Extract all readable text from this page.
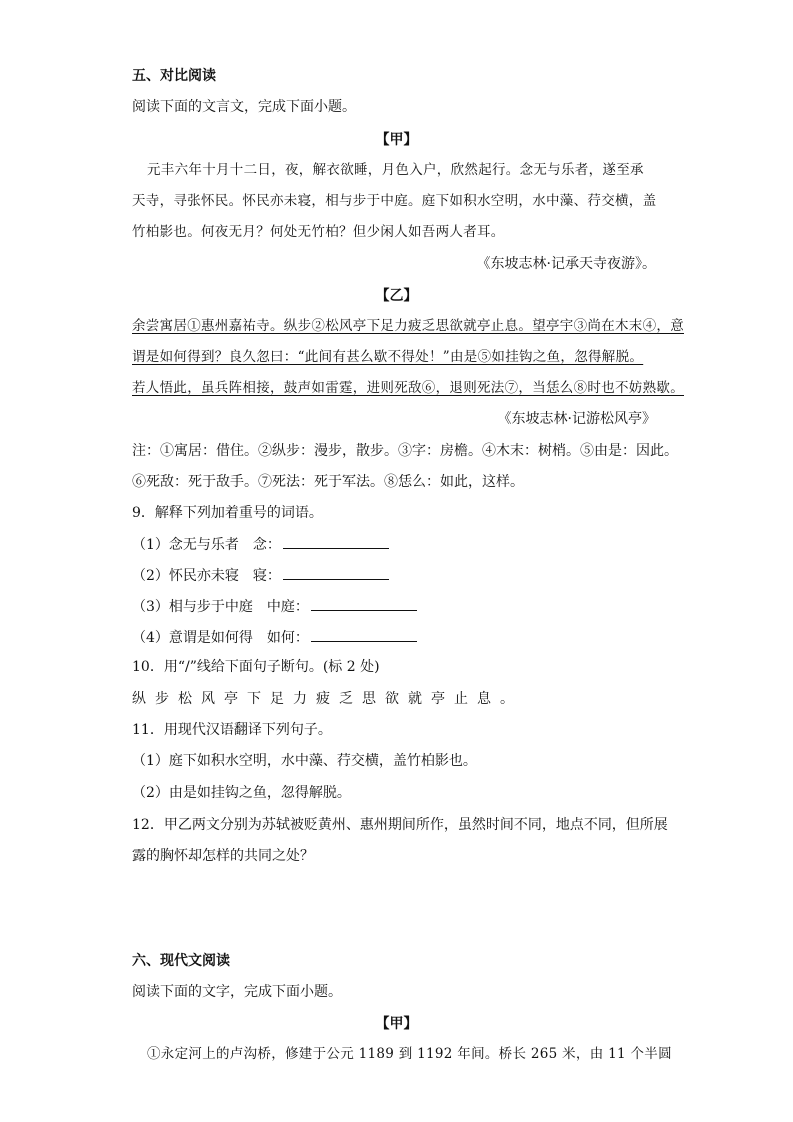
五、对比阅读
阅读下面的文言文，完成下面小题。
【甲】
元丰六年十月十二日，夜，解衣欲睡，月色入户，欣然起行。念无与乐者，遂至承
天寺，寻张怀民。怀民亦未寝，相与步于中庭。庭下如积水空明，水中藻、荇交横，盖
竹柏影也。何夜无月？何处无竹柏？但少闲人如吾两人者耳。
《东坡志林·记承天寺夜游》。
【乙】
余尝寓居①惠州嘉祐寺。纵步②松风亭下足力疲乏思欲就亭止息。望亭宇③尚在木末④，意
谓是如何得到？良久忽曰：“此间有甚么歇不得处！”由是⑤如挂钩之鱼，忽得解脱。
若人悟此，虽兵阵相接，鼓声如雷霆，进则死敌⑥，退则死法⑦，当恁么⑧时也不妨熟歇。
《东坡志林·记游松风亭》
注：①寓居：借住。②纵步：漫步，散步。③字：房檐。④木末：树梢。⑤由是：因此。
⑥死敌：死于敌手。⑦死法：死于军法。⑧恁么：如此，这样。
9．解释下列加着重号的词语。
（1）念无与乐者　念：
（2）怀民亦未寝　寝：
（3）相与步于中庭　中庭：
（4）意谓是如何得　如何：
10．用“/”线给下面句子断句。(标 2 处)
纵步松风亭下足力疲乏思欲就亭止息。
11．用现代汉语翻译下列句子。
（1）庭下如积水空明，水中藻、荇交横，盖竹柏影也。
（2）由是如挂钩之鱼，忽得解脱。
12．甲乙两文分别为苏轼被贬黄州、惠州期间所作，虽然时间不同，地点不同，但所展
露的胸怀却怎样的共同之处？
六、现代文阅读
阅读下面的文字，完成下面小题。
【甲】
①永定河上的卢沟桥，修建于公元 1189 到 1192 年间。桥长 265 米，由 11 个半圆
